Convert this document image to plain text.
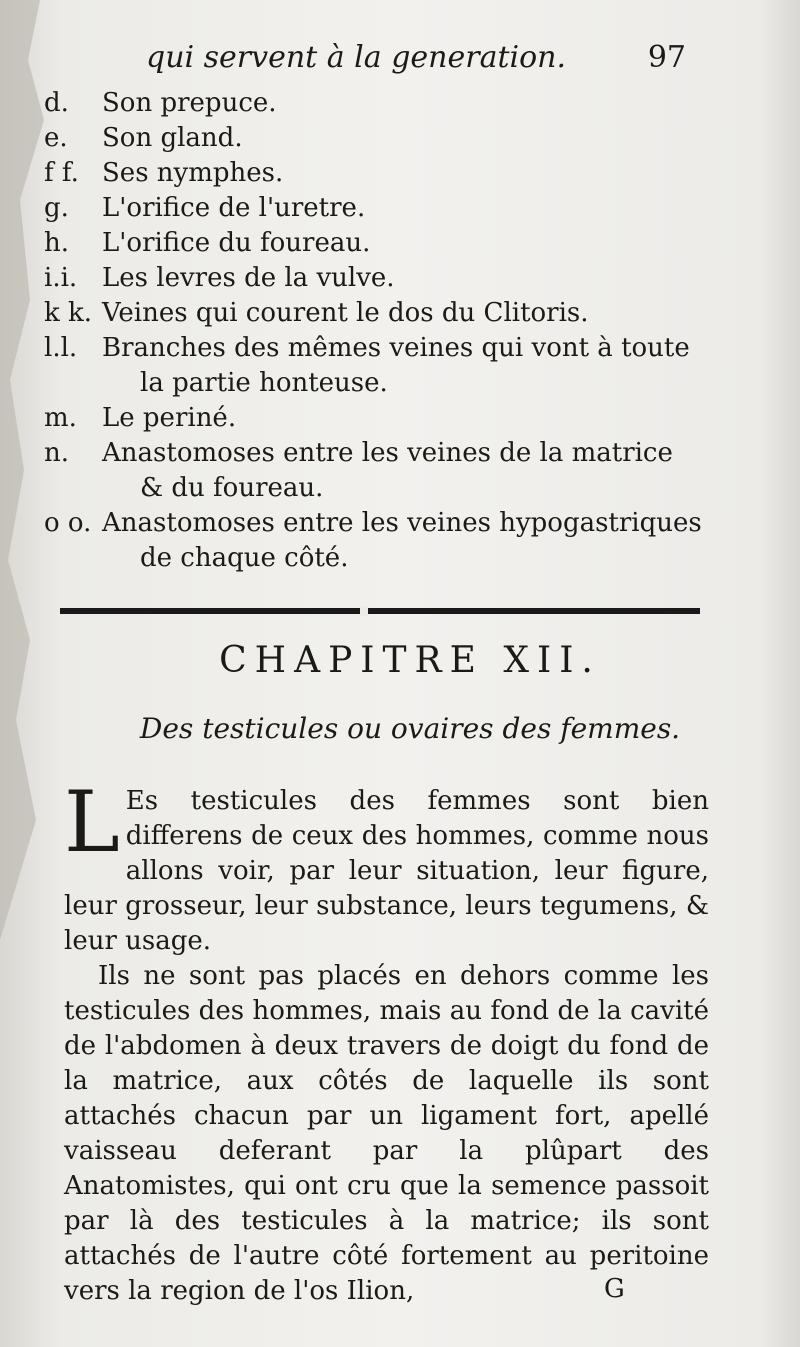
qui servent à la generation.	97
d.	Son prepuce.
e.	Son gland.
f f. Ses nymphes.
g.	L'orifice de l'uretre.
h.	L'orifice du foureau.
i.i. Les levres de la vulve.
k k. Veines qui courent le dos du Clitoris.
l.l. Branches des mêmes veines qui vont à toute
la partie honteuse.
m. Le periné.
n.	Anastomoses entre les veines de la matrice
& du foureau.
o o. Anastomoses entre les veines hypogastriques
de chaque côté.
CHAPITRE XII.
Des testicules ou ovaires des femmes.

L Es testicules des femmes sont bien differens de ceux des hommes, comme nous allons voir, par leur situation, leur figure, leur grosseur, leur substance, leurs tegumens, & leur usage.

Ils ne sont pas placés en dehors comme les testicules des hommes, mais au fond de la cavité de l'abdomen à deux travers de doigt du fond de la matrice, aux côtés de laquelle ils sont attachés chacun par un ligament fort, apellé vaisseau deferant par la plûpart des Anatomistes, qui ont cru que la semence passoit par là des testicules à la matrice; ils sont attachés de l'autre côté fortement au peritoine vers la region de l'os Ilion,	G
